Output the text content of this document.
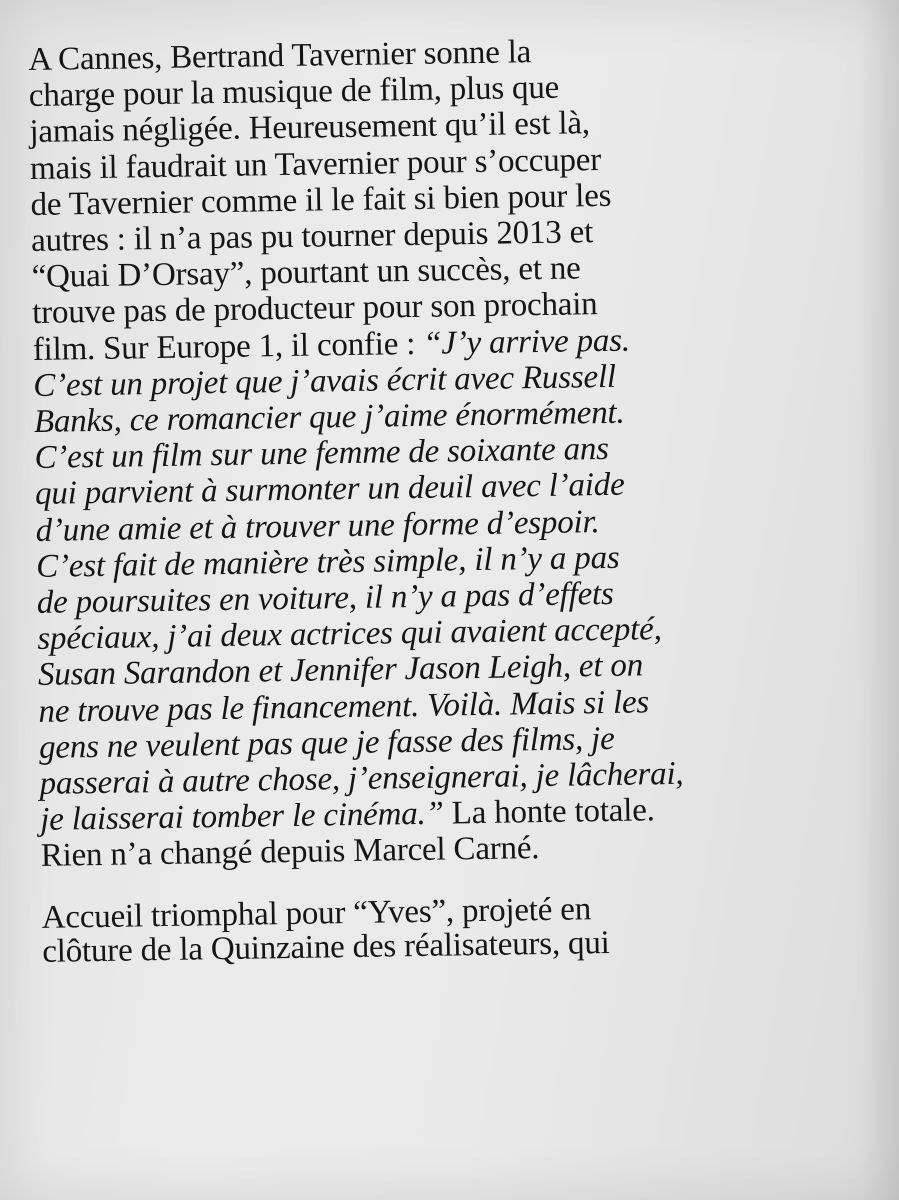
A Cannes, Bertrand Tavernier sonne la
charge pour la musique de film, plus que
jamais négligée. Heureusement qu’il est là,
mais il faudrait un Tavernier pour s’occuper
de Tavernier comme il le fait si bien pour les
autres : il n’a pas pu tourner depuis 2013 et
“Quai D’Orsay”, pourtant un succès, et ne
trouve pas de producteur pour son prochain
film. Sur Europe 1, il confie : “J’y arrive pas.
C’est un projet que j’avais écrit avec Russell
Banks, ce romancier que j’aime énormément.
C’est un film sur une femme de soixante ans
qui parvient à surmonter un deuil avec l’aide
d’une amie et à trouver une forme d’espoir.
C’est fait de manière très simple, il n’y a pas
de poursuites en voiture, il n’y a pas d’effets
spéciaux, j’ai deux actrices qui avaient accepté,
Susan Sarandon et Jennifer Jason Leigh, et on
ne trouve pas le financement. Voilà. Mais si les
gens ne veulent pas que je fasse des films, je
passerai à autre chose, j’enseignerai, je lâcherai,
je laisserai tomber le cinéma.” La honte totale.
Rien n’a changé depuis Marcel Carné.
Accueil triomphal pour “Yves”, projeté en
clôture de la Quinzaine des réalisateurs, qui
